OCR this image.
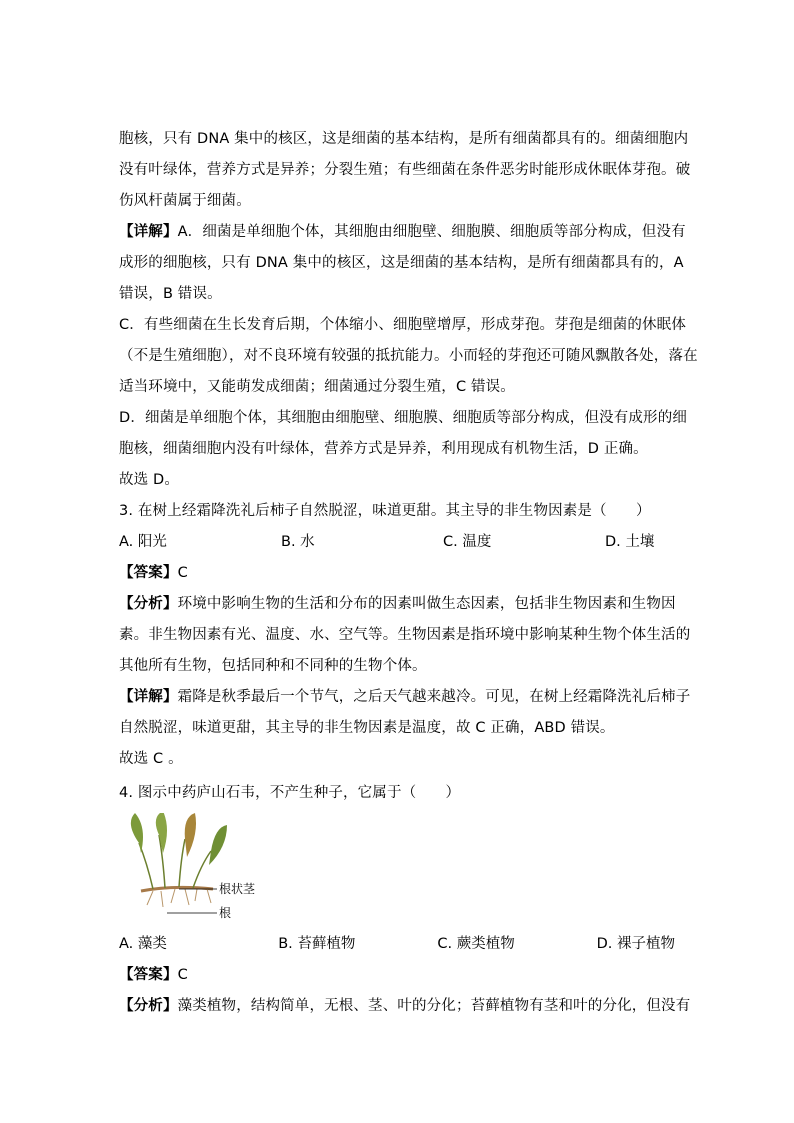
胞核，只有 DNA 集中的核区，这是细菌的基本结构，是所有细菌都具有的。细菌细胞内
没有叶绿体，营养方式是异养；分裂生殖；有些细菌在条件恶劣时能形成休眠体芽孢。破
伤风杆菌属于细菌。
【详解】A．细菌是单细胞个体，其细胞由细胞壁、细胞膜、细胞质等部分构成，但没有
成形的细胞核，只有 DNA 集中的核区，这是细菌的基本结构，是所有细菌都具有的，A
错误，B 错误。
C．有些细菌在生长发育后期，个体缩小、细胞壁增厚，形成芽孢。芽孢是细菌的休眠体
（不是生殖细胞），对不良环境有较强的抵抗能力。小而轻的芽孢还可随风飘散各处，落在
适当环境中，又能萌发成细菌；细菌通过分裂生殖，C 错误。
D．细菌是单细胞个体，其细胞由细胞壁、细胞膜、细胞质等部分构成，但没有成形的细
胞核，细菌细胞内没有叶绿体，营养方式是异养，利用现成有机物生活，D 正确。
故选 D。
3. 在树上经霜降洗礼后柿子自然脱涩，味道更甜。其主导的非生物因素是（　　）
A. 阳光	B. 水	C. 温度	D. 土壤
【答案】C
【分析】环境中影响生物的生活和分布的因素叫做生态因素，包括非生物因素和生物因
素。非生物因素有光、温度、水、空气等。生物因素是指环境中影响某种生物个体生活的
其他所有生物，包括同种和不同种的生物个体。
【详解】霜降是秋季最后一个节气，之后天气越来越冷。可见，在树上经霜降洗礼后柿子
自然脱涩，味道更甜，其主导的非生物因素是温度，故 C 正确，ABD 错误。
故选 C 。
4. 图示中药庐山石韦，不产生种子，它属于（　　）
根状茎
根
A. 藻类	B. 苔藓植物	C. 蕨类植物	D. 裸子植物
【答案】C
【分析】藻类植物，结构简单，无根、茎、叶的分化；苔藓植物有茎和叶的分化，但没有
